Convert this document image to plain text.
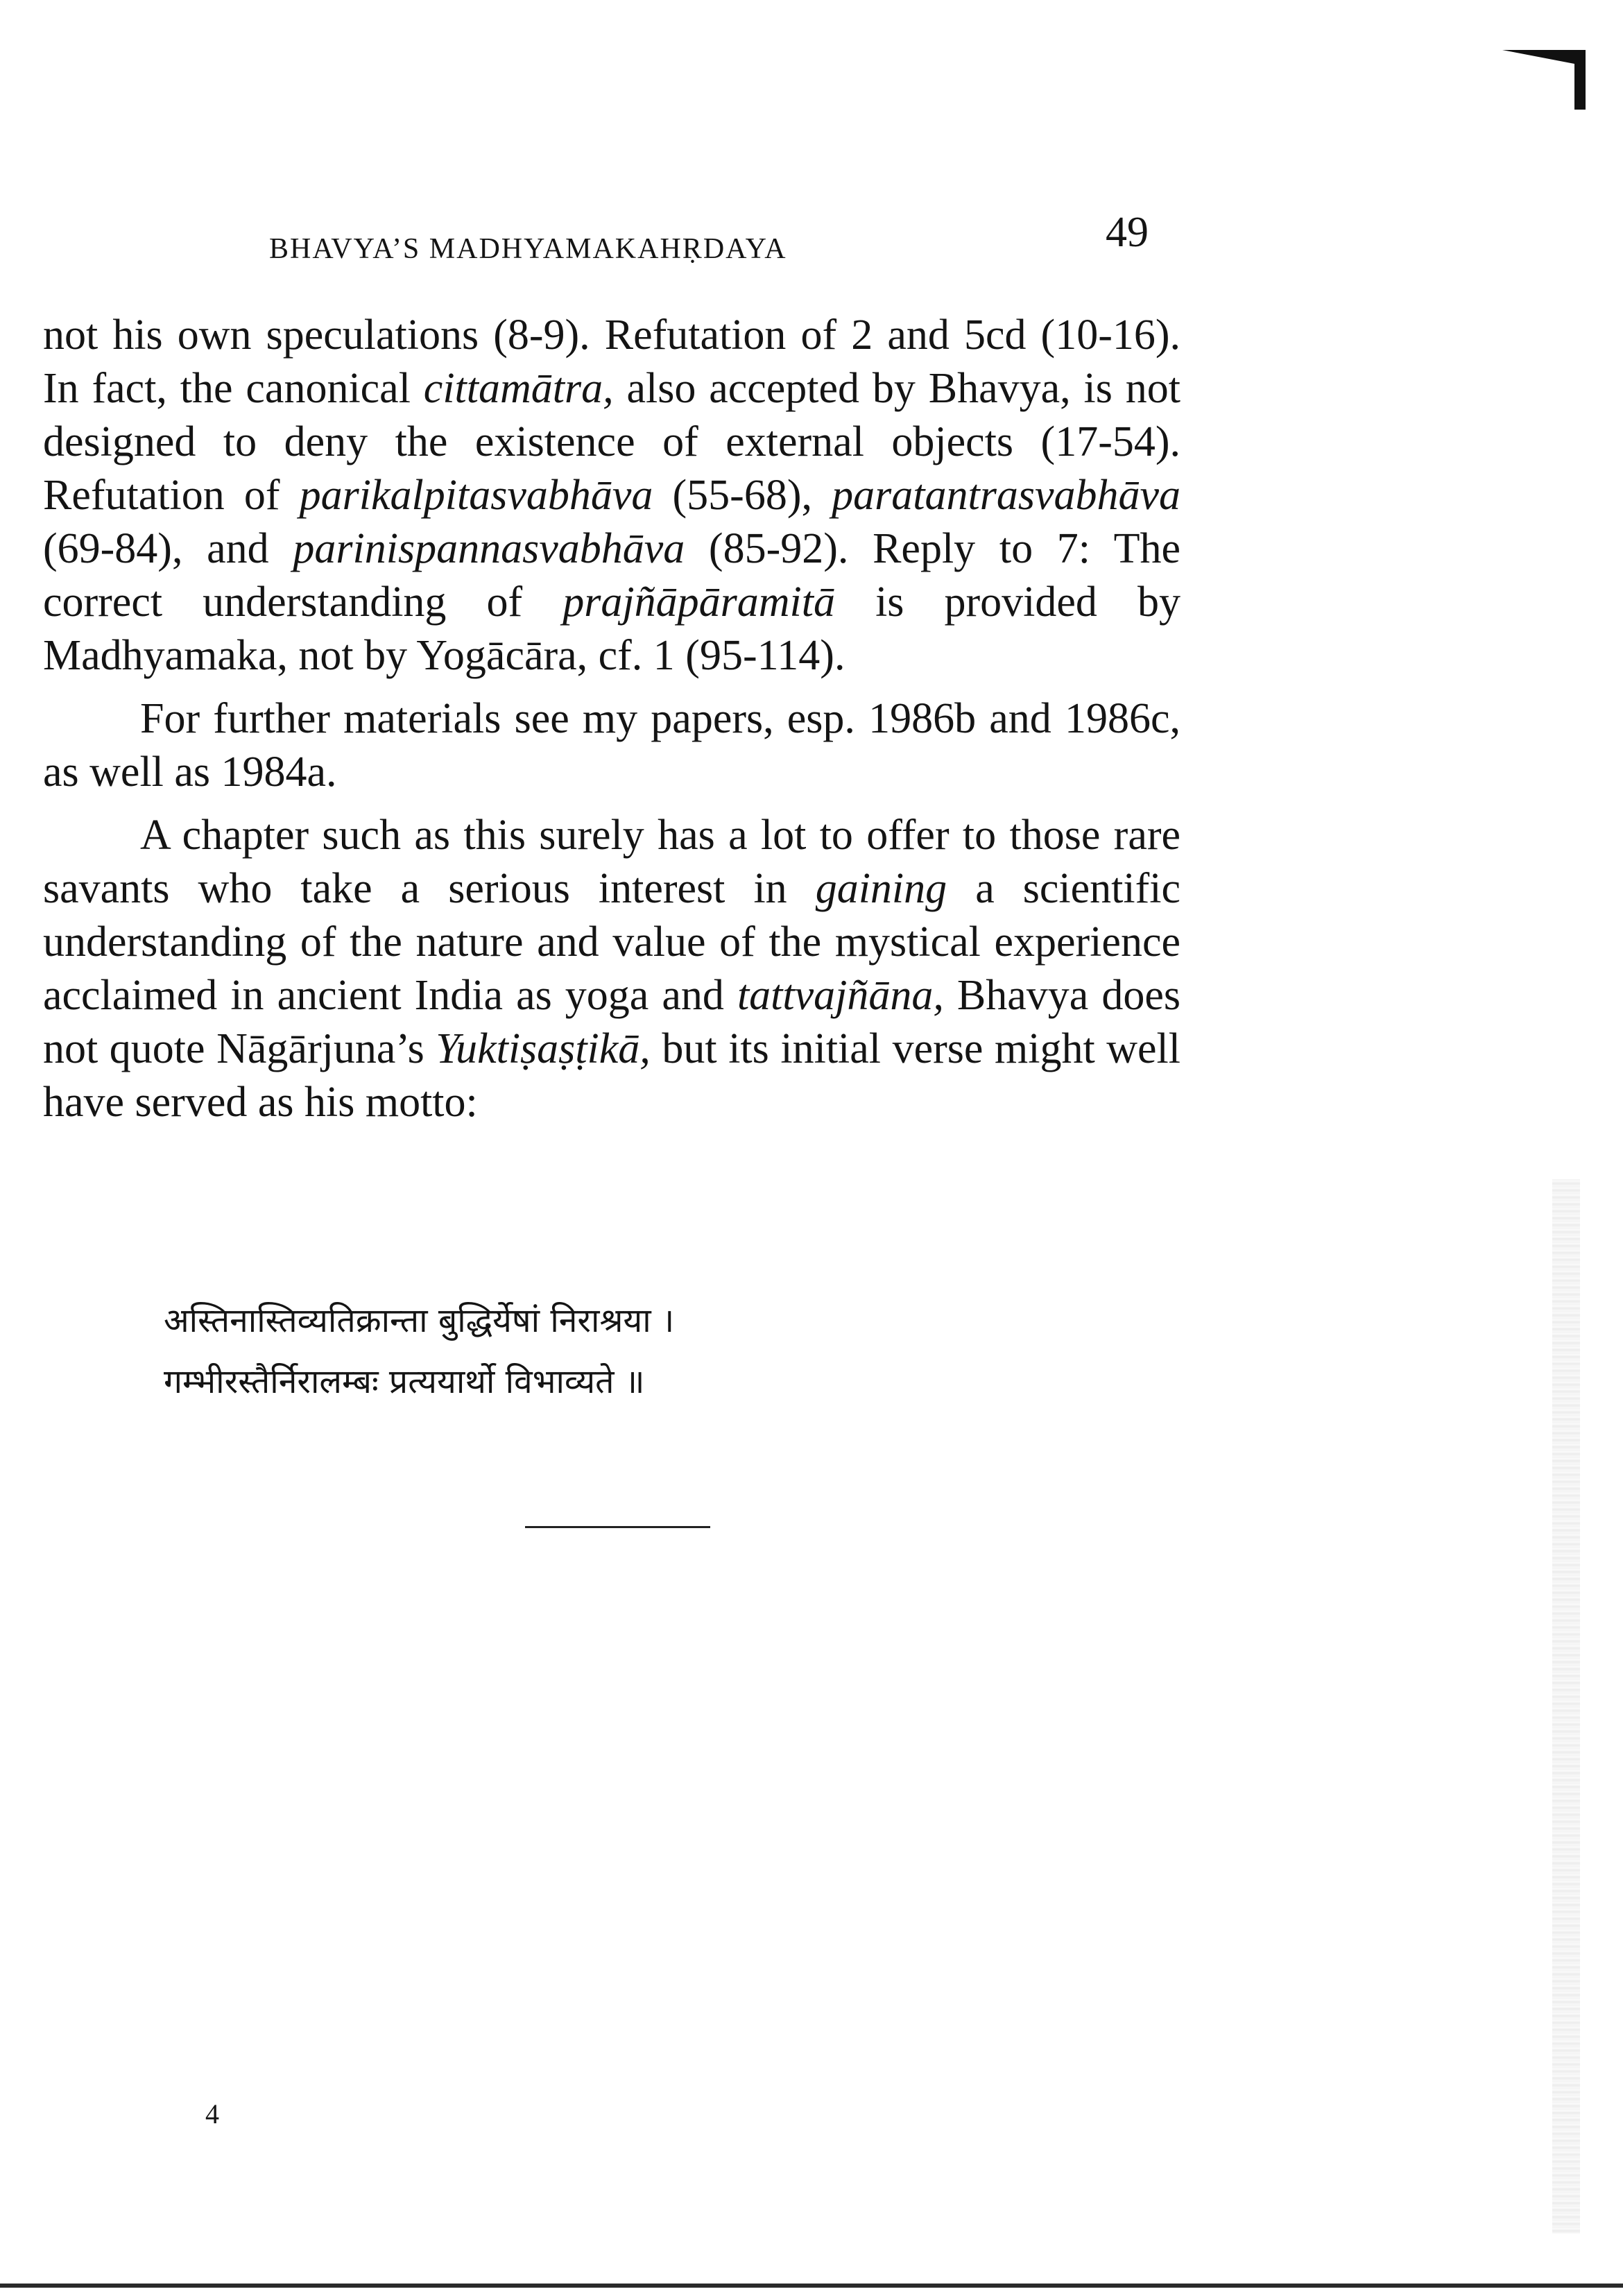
BHAVYA’S MADHYAMAKAHṚDAYA	49

not his own speculations (8-9). Refutation of 2 and 5cd (10-16). In fact, the canonical cittamātra, also accepted by Bhavya, is not designed to deny the existence of external objects (17-54). Refutation of parikalpitasvabhāva (55-68), paratantrasvabhāva (69-84), and parinispannasvabhāva (85-92). Reply to 7: The correct understanding of prajñāpāramitā is provided by Madhyamaka, not by Yogācāra, cf. 1 (95-114).

For further materials see my papers, esp. 1986b and 1986c, as well as 1984a.

A chapter such as this surely has a lot to offer to those rare savants who take a serious interest in gaining a scientific understanding of the nature and value of the mystical experience acclaimed in ancient India as yoga and tattvajñāna, Bhavya does not quote Nāgārjuna’s Yuktiṣaṣṭikā, but its initial verse might well have served as his motto:

अस्तिनास्तिव्यतिक्रान्ता बुद्धिर्येषां निराश्रया ।
गम्भीरस्तैर्निरालम्बः प्रत्ययार्थो विभाव्यते ॥
4
